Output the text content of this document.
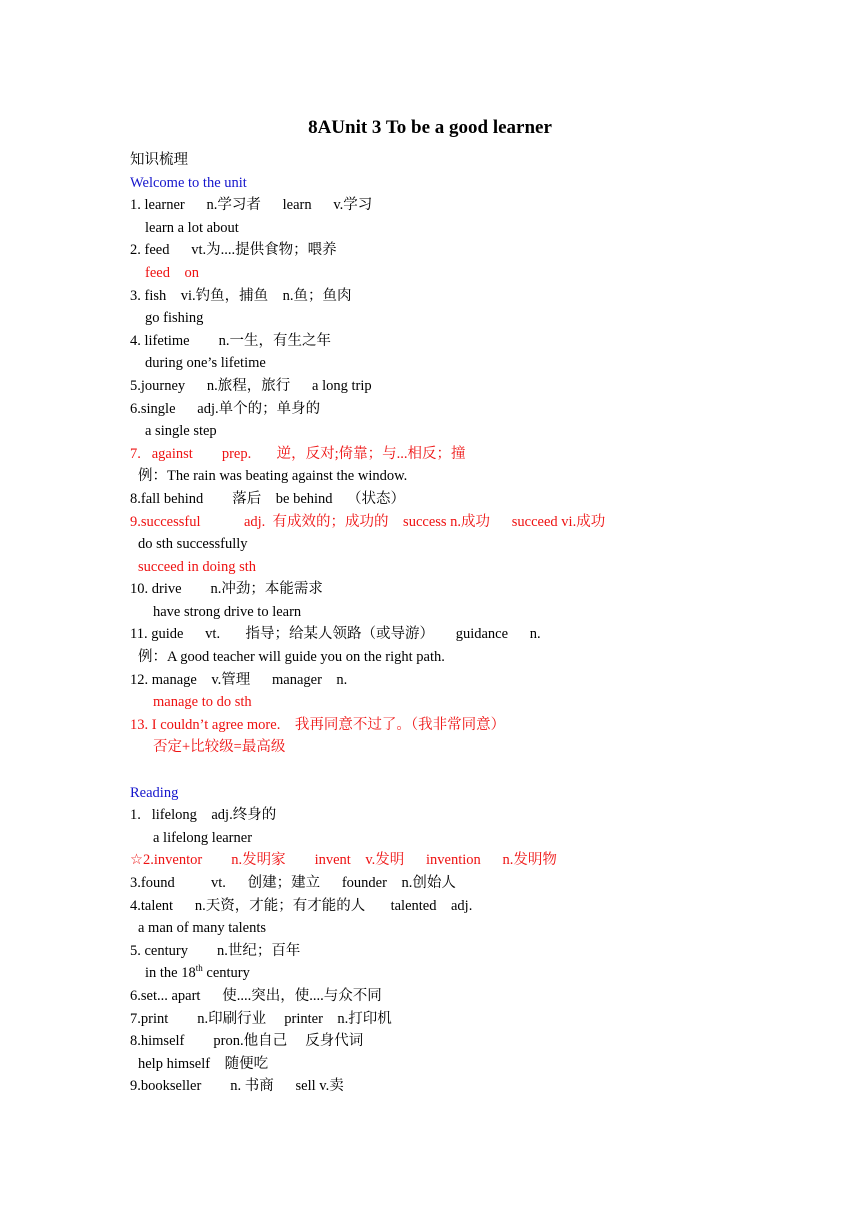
8AUnit 3 To be a good learner
知识梳理
Welcome to the unit
1. learner      n.学习者      learn      v.学习
learn a lot about
2. feed      vt.为....提供食物；喂养
feed    on
3. fish    vi.钓鱼，捕鱼    n.鱼；鱼肉
go fishing
4. lifetime        n.一生，有生之年
during one’s lifetime
5.journey      n.旅程，旅行      a long trip
6.single      adj.单个的；单身的
a single step
7.   against        prep.       逆，反对;倚靠；与...相反；撞
例：The rain was beating against the window.
8.fall behind        落后    be behind    （状态）
9.successful            adj.  有成效的；成功的    success n.成功      succeed vi.成功
do sth successfully
succeed in doing sth
10. drive        n.冲劲；本能需求
have strong drive to learn
11. guide      vt.       指导；给某人领路（或导游）      guidance      n.
例：A good teacher will guide you on the right path.
12. manage    v.管理      manager    n.
manage to do sth
13. I couldn’t agree more.    我再同意不过了。（我非常同意）
否定+比较级=最高级
Reading
1.   lifelong    adj.终身的
a lifelong learner
☆2.inventor        n.发明家        invent    v.发明      invention      n.发明物
3.found          vt.      创建；建立      founder    n.创始人
4.talent      n.天资，才能；有才能的人       talented    adj.
a man of many talents
5. century        n.世纪；百年
in the 18th century
6.set... apart      使....突出，使....与众不同
7.print        n.印刷行业     printer    n.打印机
8.himself        pron.他自己     反身代词
help himself    随便吃
9.bookseller        n. 书商      sell v.卖
